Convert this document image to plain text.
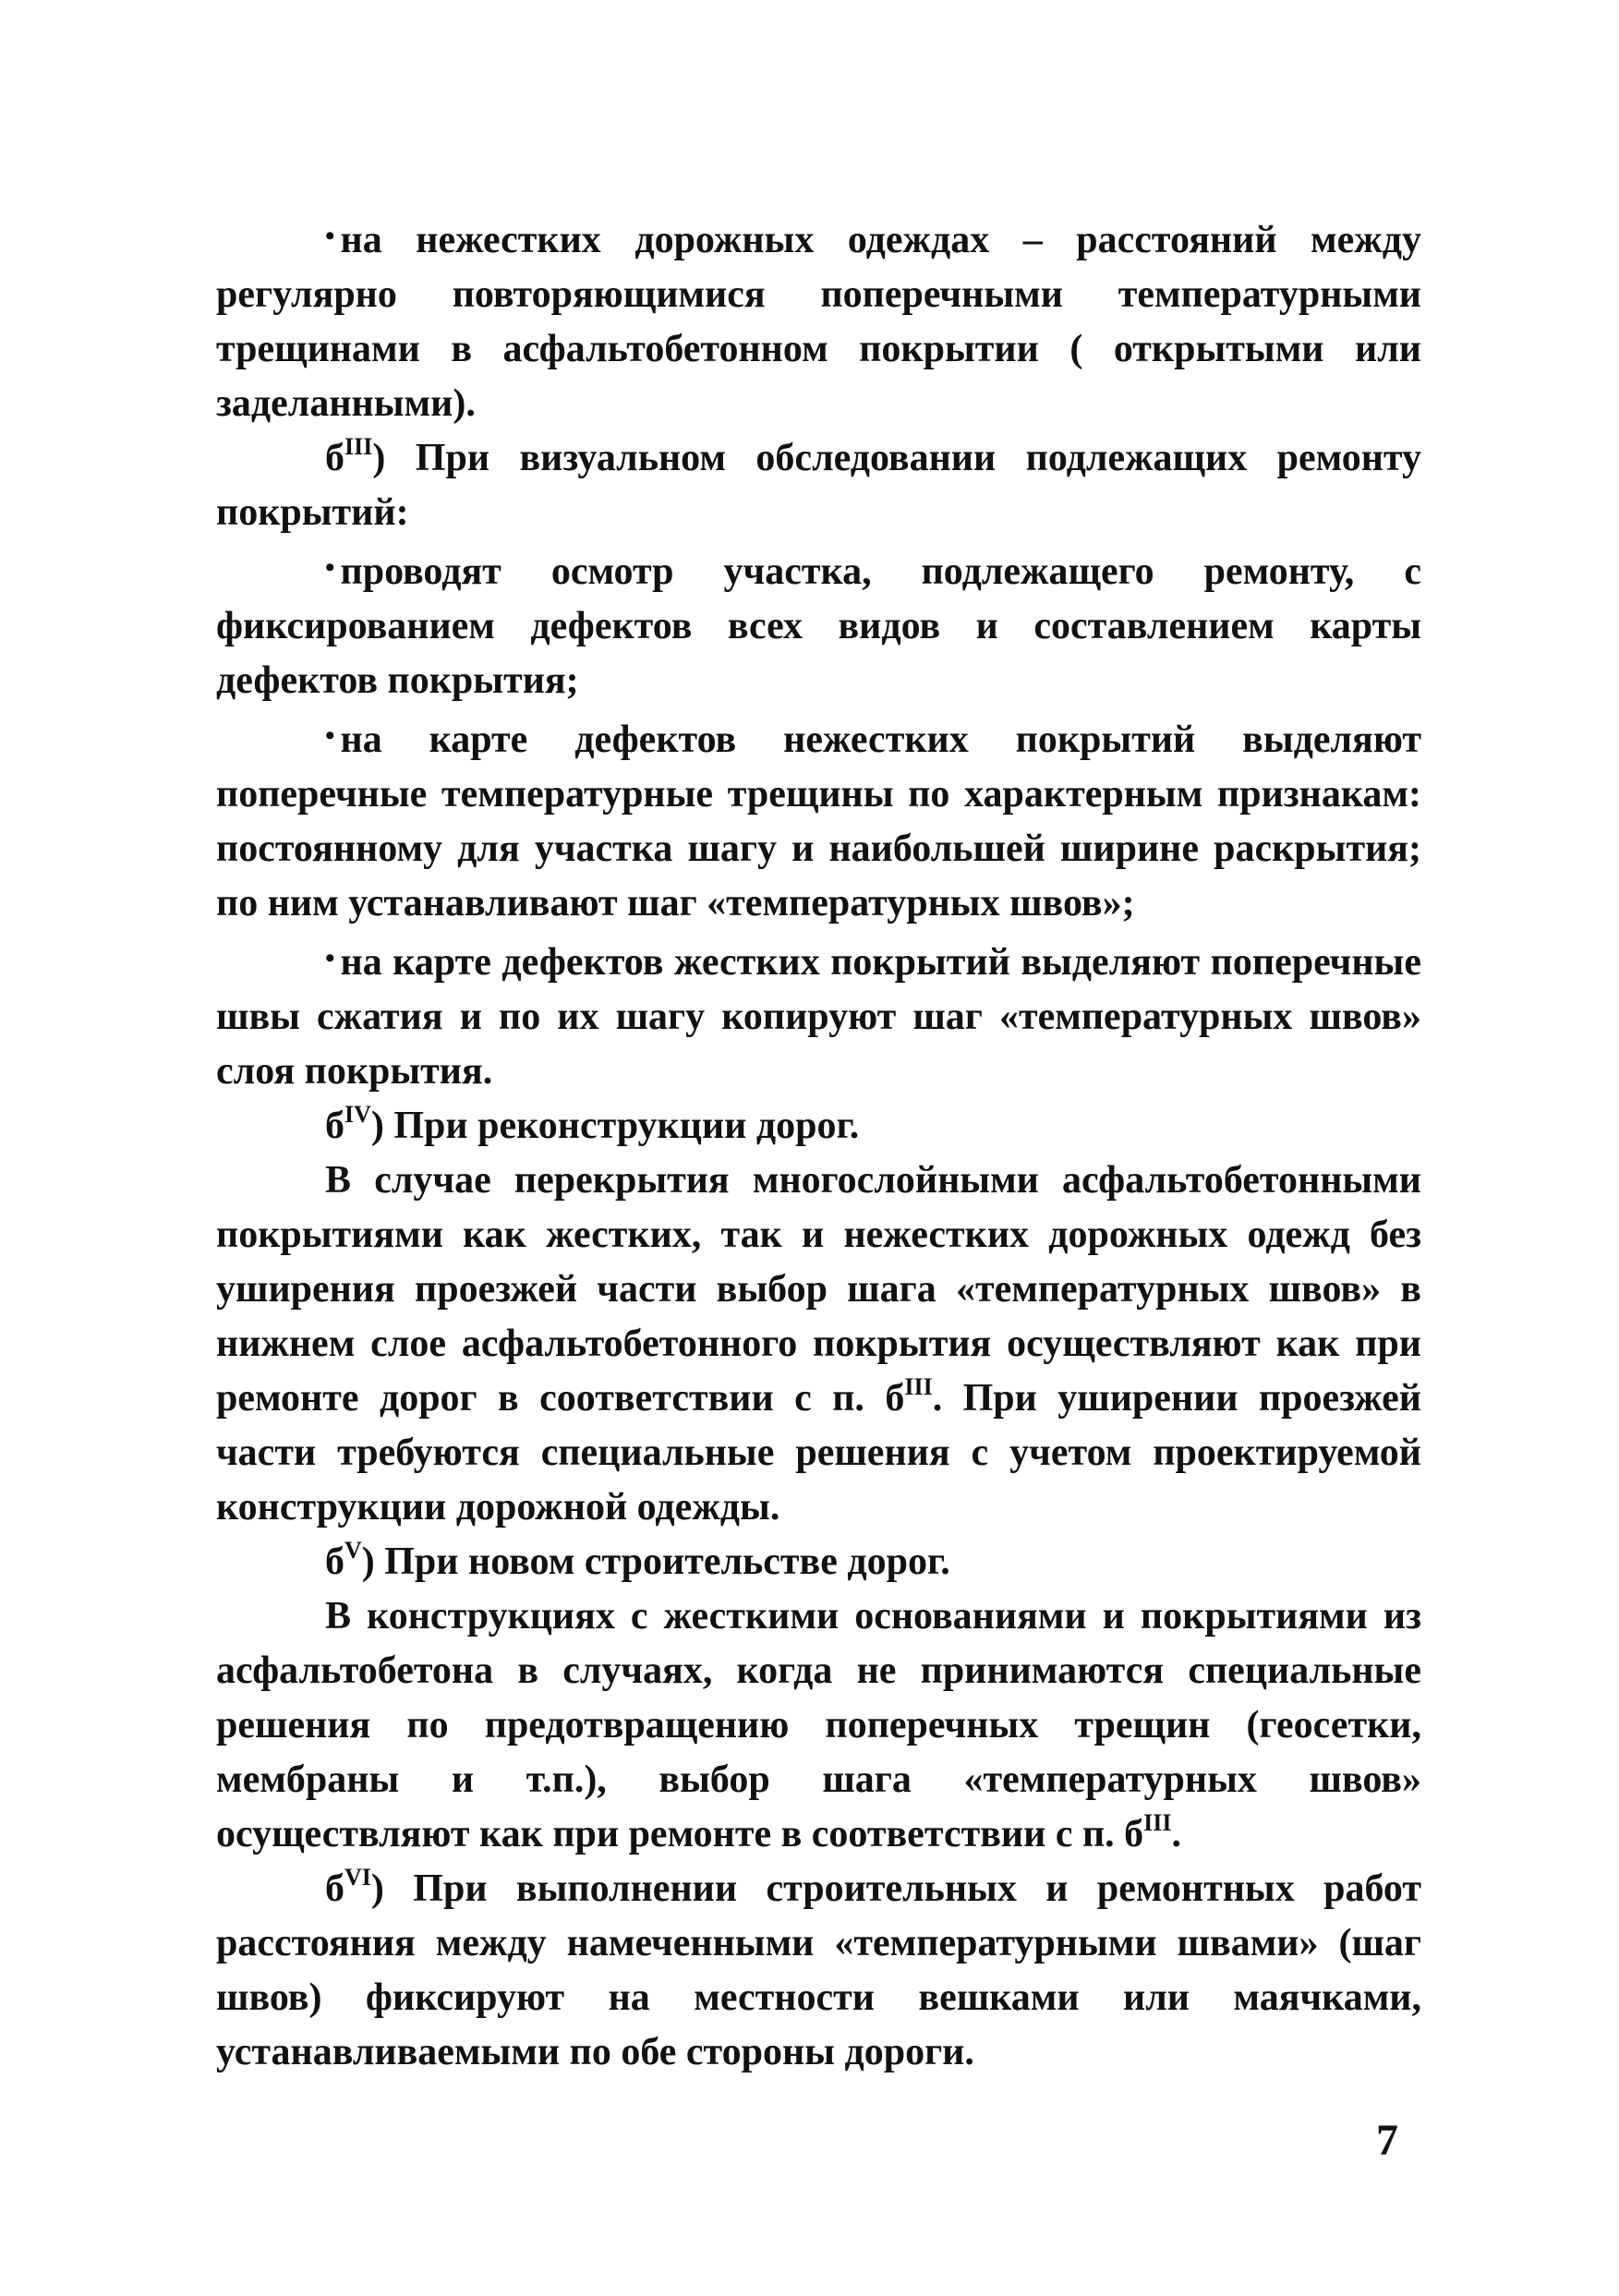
• на нежестких дорожных одеждах – расстояний между регулярно повторяющимися поперечными температурными трещинами в асфальтобетонном покрытии ( открытыми или заделанными).

$б^{III}$) При визуальном обследовании подлежащих ремонту покрытий:

• проводят осмотр участка, подлежащего ремонту, с фиксированием дефектов всех видов и составлением карты дефектов покрытия;

• на карте дефектов нежестких покрытий выделяют поперечные температурные трещины по характерным признакам: постоянному для участка шагу и наибольшей ширине раскрытия; по ним устанавливают шаг «температурных швов»;

• на карте дефектов жестких покрытий выделяют поперечные швы сжатия и по их шагу копируют шаг «температурных швов» слоя покрытия.

$б^{IV}$) При реконструкции дорог.

В случае перекрытия многослойными асфальтобетонными покрытиями как жестких, так и нежестких дорожных одежд без уширения проезжей части выбор шага «температурных швов» в нижнем слое асфальтобетонного покрытия осуществляют как при ремонте дорог в соответствии с п. $б^{III}$. При уширении проезжей части требуются специальные решения с учетом проектируемой конструкции дорожной одежды.

$б^V$) При новом строительстве дорог.

В конструкциях с жесткими основаниями и покрытиями из асфальтобетона в случаях, когда не принимаются специальные решения по предотвращению поперечных трещин (геосетки, мембраны и т.п.), выбор шага «температурных швов» осуществляют как при ремонте в соответствии с п. $б^{III}$.

$б^{VI}$) При выполнении строительных и ремонтных работ расстояния между намеченными «температурными швами» (шаг швов) фиксируют на местности вешками или маячками, устанавливаемыми по обе стороны дороги.

7
